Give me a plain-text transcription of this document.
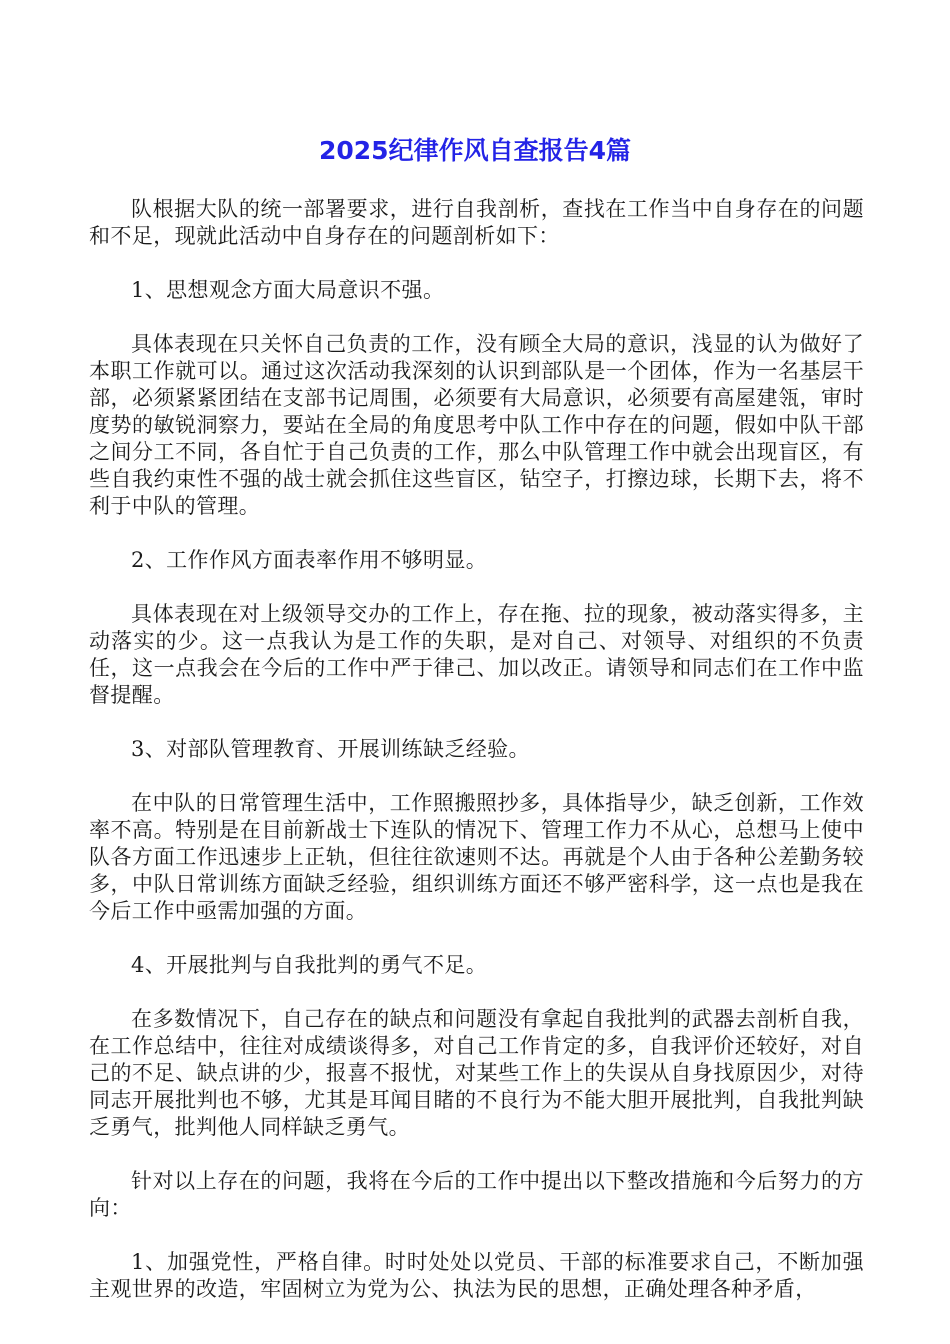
2025纪律作风自查报告4篇

队根据大队的统一部署要求，进行自我剖析，查找在工作当中自身存在的问题和不足，现就此活动中自身存在的问题剖析如下：

1、思想观念方面大局意识不强。

具体表现在只关怀自己负责的工作，没有顾全大局的意识，浅显的认为做好了本职工作就可以。通过这次活动我深刻的认识到部队是一个团体，作为一名基层干部，必须紧紧团结在支部书记周围，必须要有大局意识，必须要有高屋建瓴，审时度势的敏锐洞察力，要站在全局的角度思考中队工作中存在的问题，假如中队干部之间分工不同，各自忙于自己负责的工作，那么中队管理工作中就会出现盲区，有些自我约束性不强的战士就会抓住这些盲区，钻空子，打擦边球，长期下去，将不利于中队的管理。

2、工作作风方面表率作用不够明显。

具体表现在对上级领导交办的工作上，存在拖、拉的现象，被动落实得多，主动落实的少。这一点我认为是工作的失职，是对自己、对领导、对组织的不负责任，这一点我会在今后的工作中严于律己、加以改正。请领导和同志们在工作中监督提醒。

3、对部队管理教育、开展训练缺乏经验。

在中队的日常管理生活中，工作照搬照抄多，具体指导少，缺乏创新，工作效率不高。特别是在目前新战士下连队的情况下、管理工作力不从心，总想马上使中队各方面工作迅速步上正轨，但往往欲速则不达。再就是个人由于各种公差勤务较多，中队日常训练方面缺乏经验，组织训练方面还不够严密科学，这一点也是我在今后工作中亟需加强的方面。

4、开展批判与自我批判的勇气不足。

在多数情况下，自己存在的缺点和问题没有拿起自我批判的武器去剖析自我，在工作总结中，往往对成绩谈得多，对自己工作肯定的多，自我评价还较好，对自己的不足、缺点讲的少，报喜不报忧，对某些工作上的失误从自身找原因少，对待同志开展批判也不够，尤其是耳闻目睹的不良行为不能大胆开展批判，自我批判缺乏勇气，批判他人同样缺乏勇气。

针对以上存在的问题，我将在今后的工作中提出以下整改措施和今后努力的方向：

1、加强党性，严格自律。时时处处以党员、干部的标准要求自己，不断加强主观世界的改造，牢固树立为党为公、执法为民的思想，正确处理各种矛盾，
